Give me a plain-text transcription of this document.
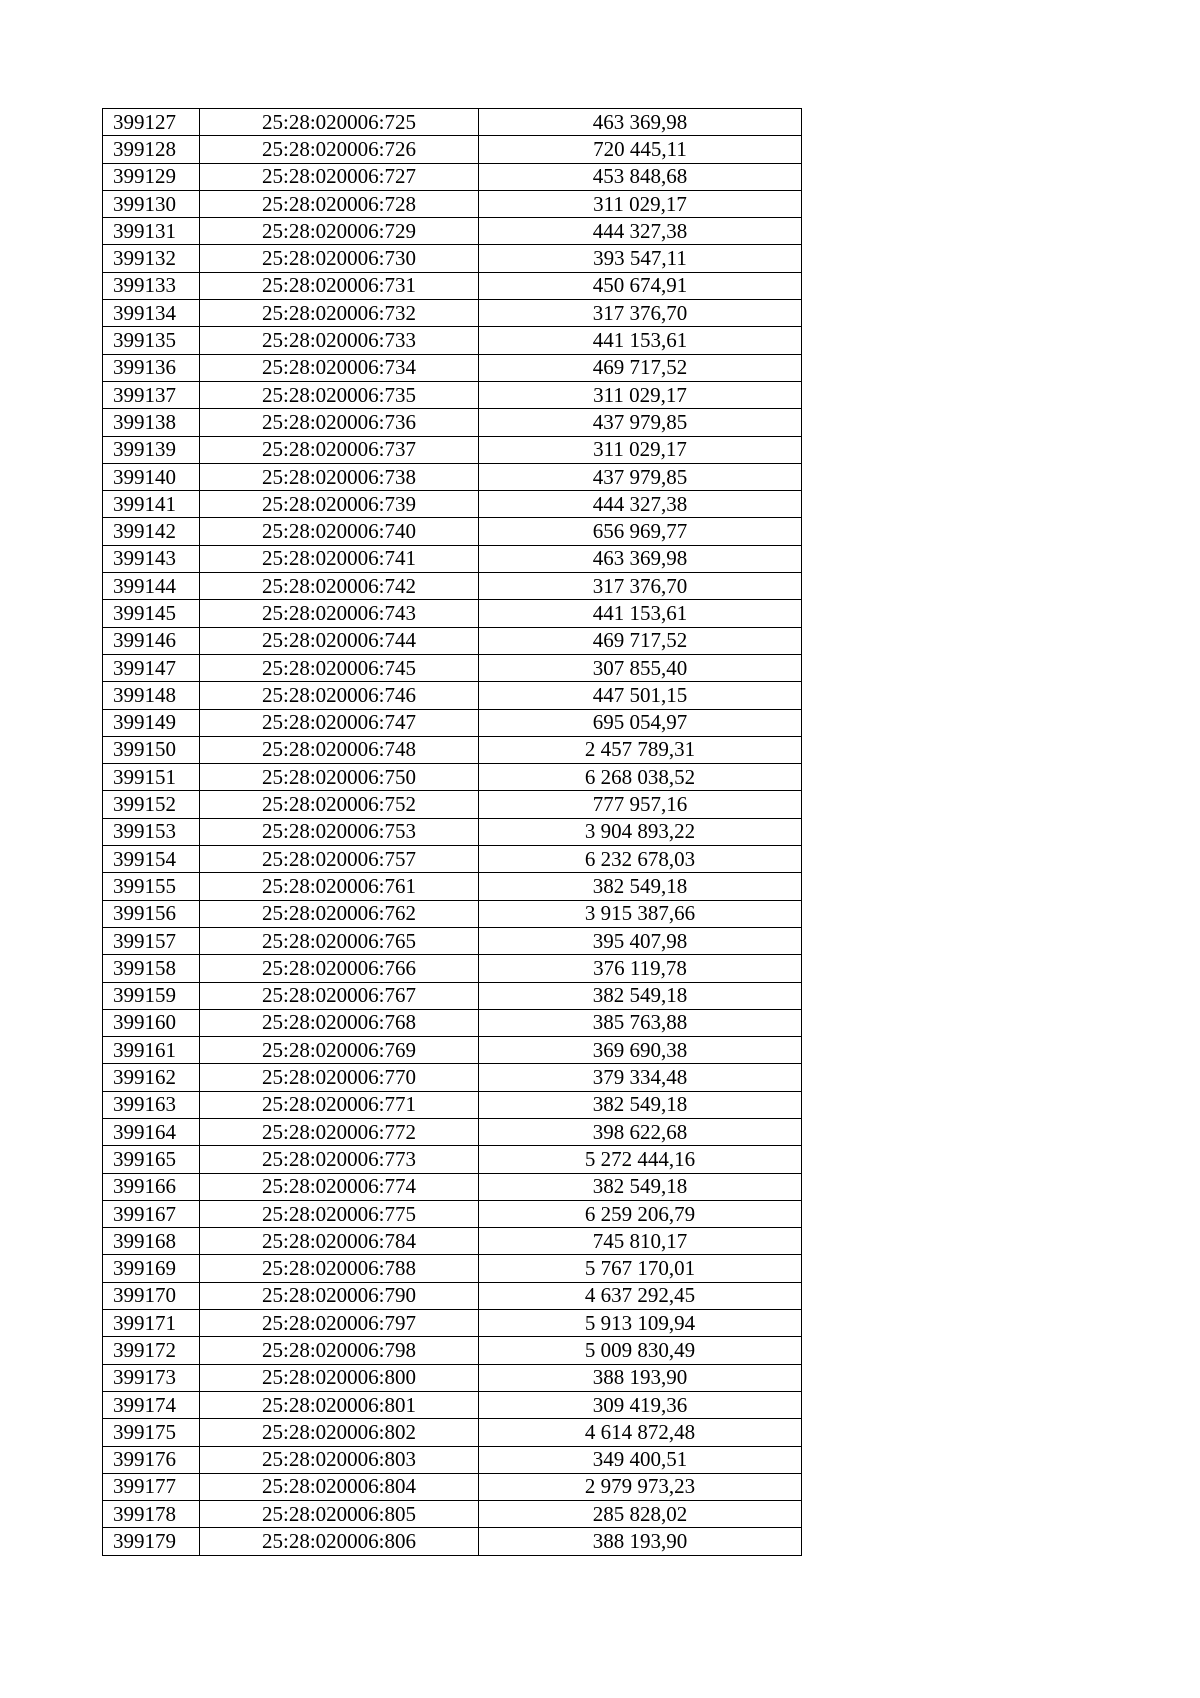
399127	25:28:020006:725	463 369,98
399128	25:28:020006:726	720 445,11
399129	25:28:020006:727	453 848,68
399130	25:28:020006:728	311 029,17
399131	25:28:020006:729	444 327,38
399132	25:28:020006:730	393 547,11
399133	25:28:020006:731	450 674,91
399134	25:28:020006:732	317 376,70
399135	25:28:020006:733	441 153,61
399136	25:28:020006:734	469 717,52
399137	25:28:020006:735	311 029,17
399138	25:28:020006:736	437 979,85
399139	25:28:020006:737	311 029,17
399140	25:28:020006:738	437 979,85
399141	25:28:020006:739	444 327,38
399142	25:28:020006:740	656 969,77
399143	25:28:020006:741	463 369,98
399144	25:28:020006:742	317 376,70
399145	25:28:020006:743	441 153,61
399146	25:28:020006:744	469 717,52
399147	25:28:020006:745	307 855,40
399148	25:28:020006:746	447 501,15
399149	25:28:020006:747	695 054,97
399150	25:28:020006:748	2 457 789,31
399151	25:28:020006:750	6 268 038,52
399152	25:28:020006:752	777 957,16
399153	25:28:020006:753	3 904 893,22
399154	25:28:020006:757	6 232 678,03
399155	25:28:020006:761	382 549,18
399156	25:28:020006:762	3 915 387,66
399157	25:28:020006:765	395 407,98
399158	25:28:020006:766	376 119,78
399159	25:28:020006:767	382 549,18
399160	25:28:020006:768	385 763,88
399161	25:28:020006:769	369 690,38
399162	25:28:020006:770	379 334,48
399163	25:28:020006:771	382 549,18
399164	25:28:020006:772	398 622,68
399165	25:28:020006:773	5 272 444,16
399166	25:28:020006:774	382 549,18
399167	25:28:020006:775	6 259 206,79
399168	25:28:020006:784	745 810,17
399169	25:28:020006:788	5 767 170,01
399170	25:28:020006:790	4 637 292,45
399171	25:28:020006:797	5 913 109,94
399172	25:28:020006:798	5 009 830,49
399173	25:28:020006:800	388 193,90
399174	25:28:020006:801	309 419,36
399175	25:28:020006:802	4 614 872,48
399176	25:28:020006:803	349 400,51
399177	25:28:020006:804	2 979 973,23
399178	25:28:020006:805	285 828,02
399179	25:28:020006:806	388 193,90
